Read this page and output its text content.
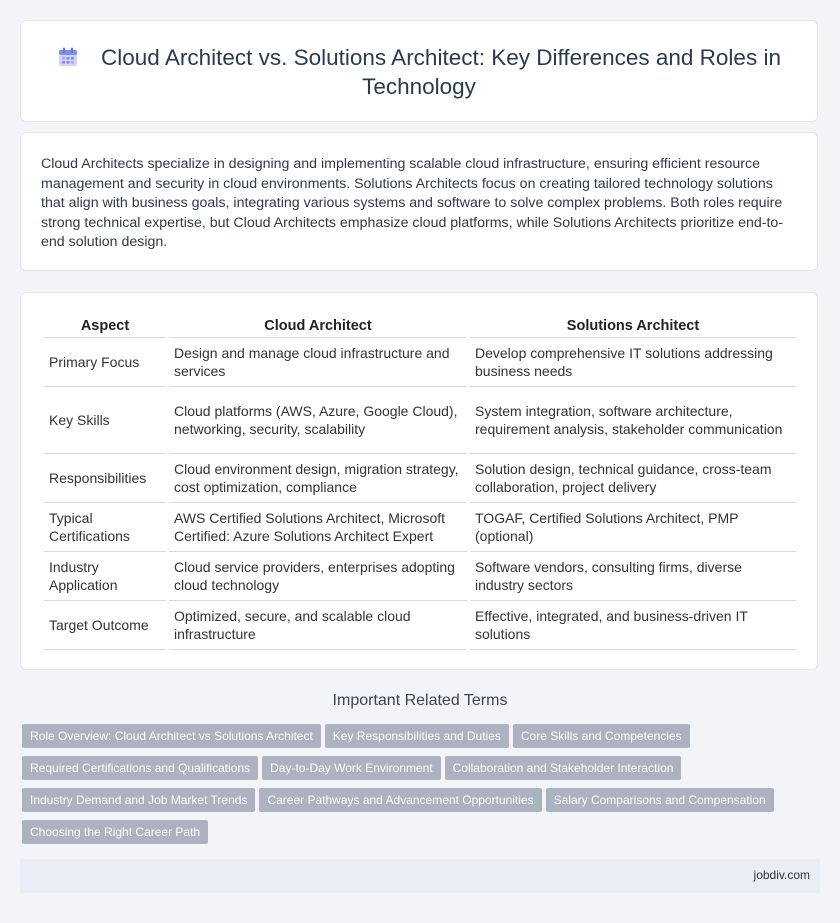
Cloud Architect vs. Solutions Architect: Key Differences and Roles in Technology

Cloud Architects specialize in designing and implementing scalable cloud infrastructure, ensuring efficient resource management and security in cloud environments. Solutions Architects focus on creating tailored technology solutions that align with business goals, integrating various systems and software to solve complex problems. Both roles require strong technical expertise, but Cloud Architects emphasize cloud platforms, while Solutions Architects prioritize end-to-end solution design.

Aspect	Cloud Architect	Solutions Architect
Primary Focus	Design and manage cloud infrastructure and services	Develop comprehensive IT solutions addressing business needs
Key Skills	Cloud platforms (AWS, Azure, Google Cloud), networking, security, scalability	System integration, software architecture, requirement analysis, stakeholder communication
Responsibilities	Cloud environment design, migration strategy, cost optimization, compliance	Solution design, technical guidance, cross-team collaboration, project delivery
Typical Certifications	AWS Certified Solutions Architect, Microsoft Certified: Azure Solutions Architect Expert	TOGAF, Certified Solutions Architect, PMP (optional)
Industry Application	Cloud service providers, enterprises adopting cloud technology	Software vendors, consulting firms, diverse industry sectors
Target Outcome	Optimized, secure, and scalable cloud infrastructure	Effective, integrated, and business-driven IT solutions
Important Related Terms
Role Overview: Cloud Architect vs Solutions Architect Key Responsibilities and Duties Core Skills and Competencies
Required Certifications and Qualifications Day-to-Day Work Environment Collaboration and Stakeholder Interaction
Industry Demand and Job Market Trends Career Pathways and Advancement Opportunities Salary Comparisons and Compensation
Choosing the Right Career Path
jobdiv.com
